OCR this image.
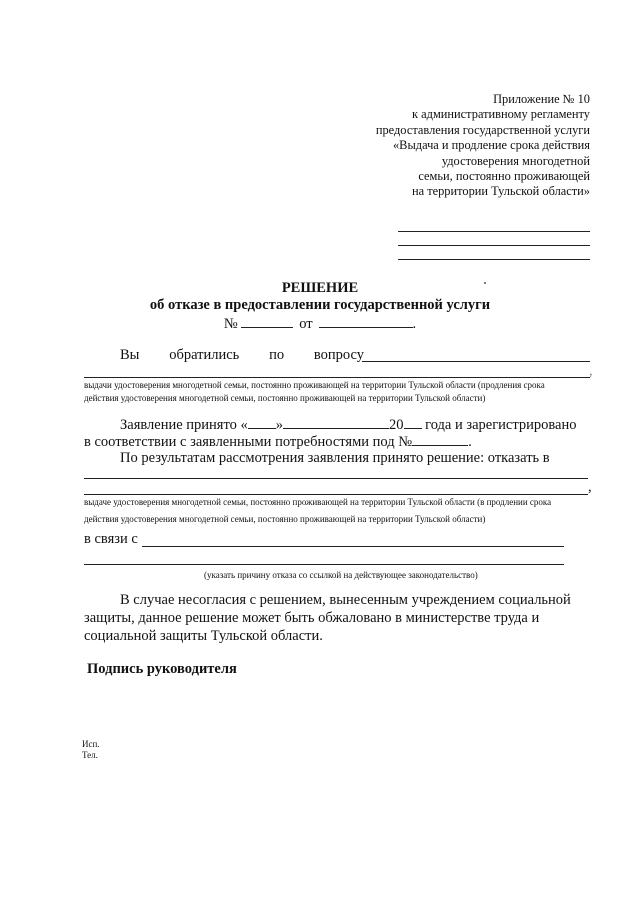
Приложение № 10
к административному регламенту
предоставления государственной услуги
«Выдача и продление срока действия
удостоверения многодетной
семьи, постоянно проживающей
на территории Тульской области»
РЕШЕНИЕ
об отказе в предоставлении государственной услуги
№	от	.
Вы обратились по вопросу
,
выдачи удостоверения многодетной семьи, постоянно проживающей на территории Тульской области (продления срока
действия удостоверения многодетной семьи, постоянно проживающей на территории Тульской области)
Заявление принято « »	20 года и зарегистрировано
в соответствии с заявленными потребностями под №	.
По результатам рассмотрения заявления принято решение: отказать в
,
выдаче удостоверения многодетной семьи, постоянно проживающей на территории Тульской области (в продлении срока
действия удостоверения многодетной семьи, постоянно проживающей на территории Тульской области)
в связи с
(указать причину отказа со ссылкой на действующее законодательство)
В случае несогласия с решением, вынесенным учреждением социальной
защиты, данное решение может быть обжаловано в министерстве труда и
социальной защиты Тульской области.
Подпись руководителя
Исп.
Тел.
